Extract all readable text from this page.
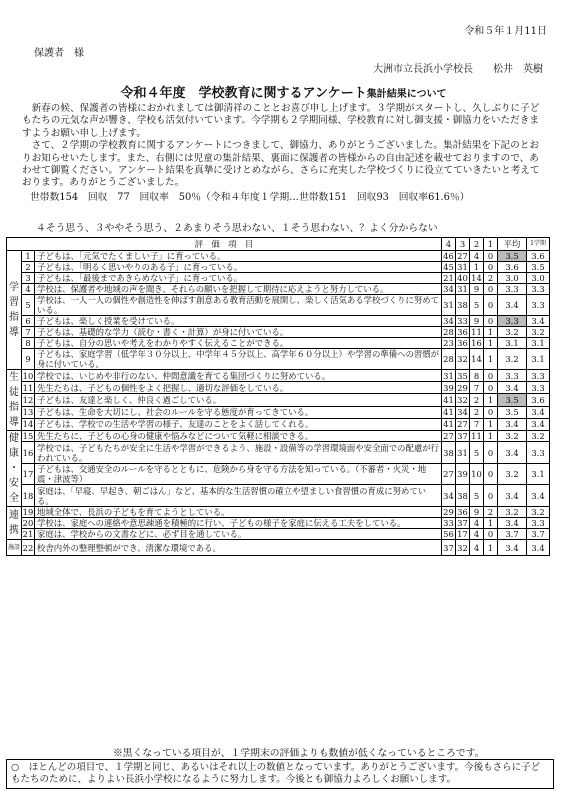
令和５年１月11日
保護者　様
大洲市立長浜小学校長　　松井　英樹
令和４年度　学校教育に関するアンケート集計結果について

新春の候、保護者の皆様におかれましては御清祥のこととお喜び申し上げます。３学期がスタートし、久しぶりに子どもたちの元気な声が響き、学校も活気付いています。今学期も２学期同様、学校教育に対し御支援・御協力をいただきますようお願い申し上げます。

さて、２学期の学校教育に関するアンケートにつきまして、御協力、ありがとうございました。集計結果を下記のとおりお知らせいたします。また、右側には児童の集計結果、裏面に保護者の皆様からの自由記述を載せておりますので、あわせて御覧ください。アンケート結果を真摯に受けとめながら、さらに充実した学校づくりに役立てていきたいと考えております。ありがとうございました。

世帯数154　回収　77　回収率　50％（令和４年度１学期…世帯数151　回収93　回収率61.6％）
４そう思う、３ややそう思う、２あまりそう思わない、１そう思わない、？よく分からない
評　価　項　目			4	3	2	1	平均	1学期

学
習
指
導	1	子どもは、「元気でたくましい子」に育っている。	46	27	4	0	3.5	3.6
	2	子どもは、「明るく思いやりのある子」に育っている。	45	31	1	0	3.6	3.5
	3	子どもは、「最後まであきらめない子」に育っている。	21	40	14	2	3.0	3.0
	4	学校は、保護者や地域の声を聞き、それらの願いを把握して期待に応えようと努力している。	34	31	9	0	3.3	3.3
	5	学校は、一人一人の個性や創造性を伸ばす創意ある教育活動を展開し、楽しく活気ある学校づくりに努めている。	31	38	5	0	3.4	3.3
	6	子どもは、楽しく授業を受けている。	34	33	9	0	3.3	3.4
	7	子どもは、基礎的な学力（読む・書く・計算）が身に付いている。	28	36	11	1	3.2	3.2
	8	子どもは、自分の思いや考えをわかりやすく伝えることができる。	23	36	16	1	3.1	3.1
	9	子どもは、家庭学習（低学年３０分以上、中学年４５分以上、高学年６０分以上）や学習の準備への習慣が身に付いている。	28	32	14	1	3.2	3.1

生
徒
指
導	10	学校では、いじめや非行のない、仲間意識を育てる集団づくりに努めている。	31	35	8	0	3.3	3.3
	11	先生たちは、子どもの個性をよく把握し、適切な評価をしている。	39	29	7	0	3.4	3.3
	12	子どもは、友達と楽しく、仲良く過ごしている。	41	32	2	1	3.5	3.6
	13	子どもは、生命を大切にし、社会のルールを守る態度が育ってきている。	41	34	2	0	3.5	3.4
	14	子どもは、学校での生活や学習の様子、友達のことをよく話してくれる。	41	27	7	1	3.4	3.4

健
康
・
安
全	15	先生たちに、子どもの心身の健康や悩みなどについて気軽に相談できる。	27	37	11	1	3.2	3.2
	16	学校では、子どもたちが安全に生活や学習ができるよう、施設・設備等の学習環境面や安全面での配慮が行われている。	38	31	5	0	3.4	3.3
	17	子どもは、交通安全のルールを守るとともに、危険から身を守る方法を知っている。（不審者・火災・地震・津波等）	27	39	10	0	3.2	3.1
	18	家庭は、「早寝、早起き、朝ごはん」など、基本的な生活習慣の確立や望ましい食習慣の育成に努めている。	34	38	5	0	3.4	3.4

連
携	19	地域全体で、長浜の子どもを育てようとしている。	29	36	9	2	3.2	3.2
	20	学校は、家庭への連絡や意思疎通を積極的に行い、子どもの様子を家庭に伝える工夫をしている。	33	37	4	1	3.4	3.3
	21	家庭は、学校からの文書などに、必ず目を通している。	56	17	4	0	3.7	3.7

施設	22	校舎内外の整理整頓ができ、清潔な環境である。	37	32	4	1	3.4	3.4
※黒くなっている項目が、１学期末の評価よりも数値が低くなっているところです。
○　ほとんどの項目で、１学期と同じ、あるいはそれ以上の数値となっています。ありがとうございます。今後もさらに子どもたちのために、よりよい長浜小学校になるように努力します。今後とも御協力よろしくお願いします。
